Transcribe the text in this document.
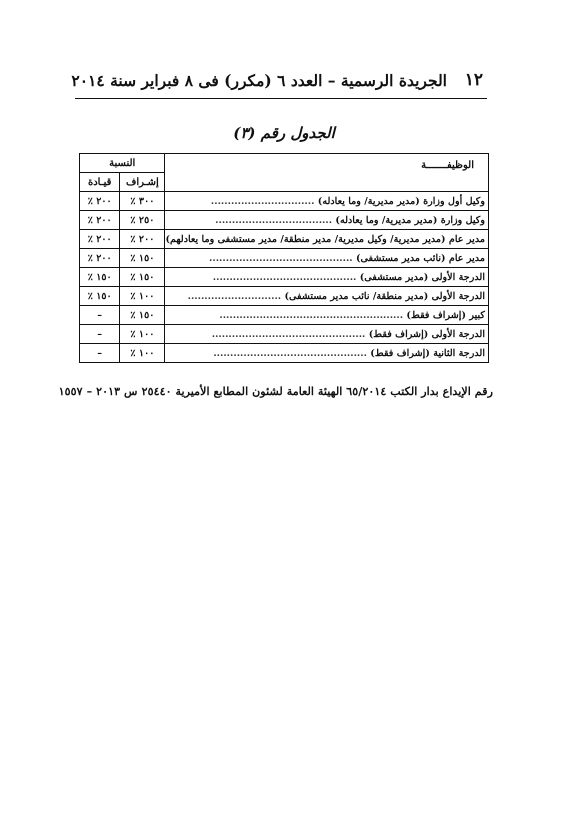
١٢
الجريدة الرسمية – العدد ٦ (مكرر) فى ٨ فبراير سنة ٢٠١٤
الجدول رقم (٣)
الوظيفـــــــة	النسبة	
	إشـراف	قيـادة
وكيل أول وزارة (مدير مديرية/ وما يعادله) ...............................	٣٠٠ ٪	٢٠٠ ٪
وكيل وزارة (مدير مديرية/ وما يعادله) ...................................	٢٥٠ ٪	٢٠٠ ٪
مدير عام (مدير مديرية/ وكيل مديرية/ مدير منطقة/ مدير مستشفى وما يعادلهم)	٢٠٠ ٪	٢٠٠ ٪
مدير عام (نائب مدير مستشفى) ...........................................	١٥٠ ٪	٢٠٠ ٪
الدرجة الأولى (مدير مستشفى) ...........................................	١٥٠ ٪	١٥٠ ٪
الدرجة الأولى (مدير منطقة/ نائب مدير مستشفى) ............................	١٠٠ ٪	١٥٠ ٪
كبير (إشراف فقط) .......................................................	١٥٠ ٪	–
الدرجة الأولى (إشراف فقط) ..............................................	١٠٠ ٪	–
الدرجة الثانية (إشراف فقط) ..............................................	١٠٠ ٪	–
رقم الإيداع بدار الكتب ٦٥/٢٠١٤ الهيئة العامة لشئون المطابع الأميرية ٢٥٤٤٠ س ٢٠١٣ – ١٥٥٧
